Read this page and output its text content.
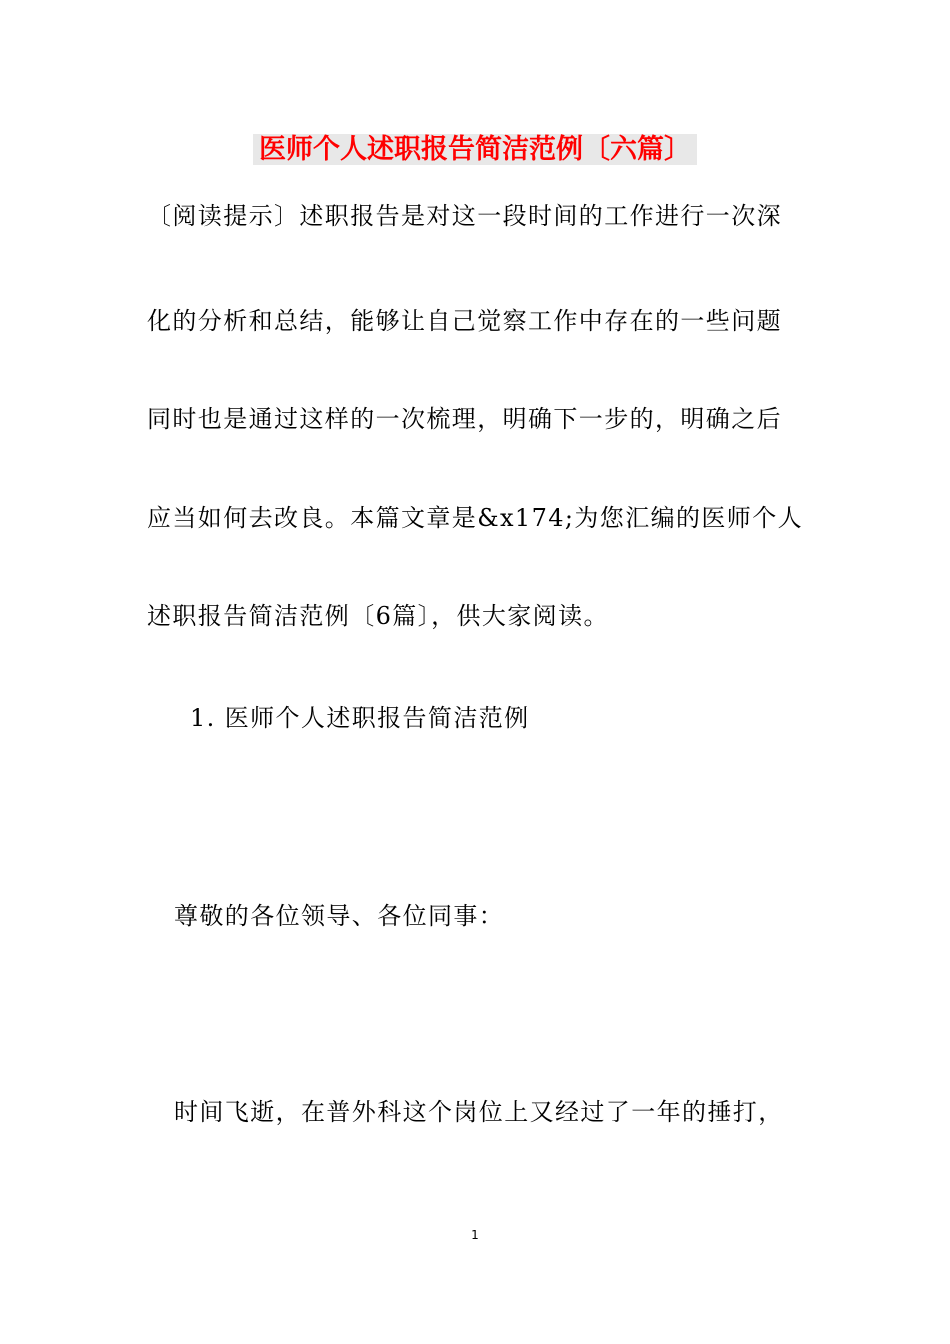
医师个人述职报告简洁范例〔六篇〕
〔阅读提示〕述职报告是对这一段时间的工作进行一次深
化的分析和总结，能够让自己觉察工作中存在的一些问题
同时也是通过这样的一次梳理，明确下一步的，明确之后
应当如何去改良。本篇文章是&x174;为您汇编的医师个人
述职报告简洁范例〔6篇〕，供大家阅读。
1. 医师个人述职报告简洁范例
尊敬的各位领导、各位同事：
时间飞逝，在普外科这个岗位上又经过了一年的捶打，
1
